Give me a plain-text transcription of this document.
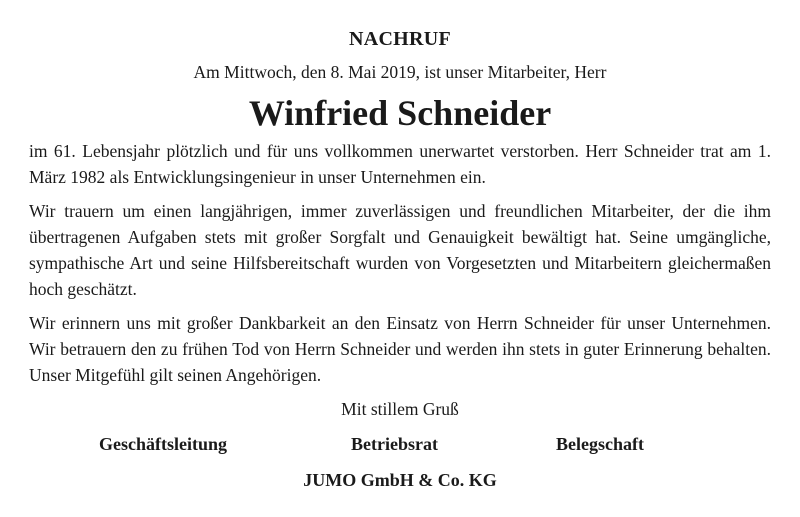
NACHRUF

Am Mittwoch, den 8. Mai 2019, ist unser Mitarbeiter, Herr

Winfried Schneider

im 61. Lebensjahr plötzlich und für uns vollkommen unerwartet verstorben. Herr Schneider trat am 1. März 1982 als Entwicklungsingenieur in unser Unternehmen ein.

Wir trauern um einen langjährigen, immer zuverlässigen und freundlichen Mitarbeiter, der die ihm übertragenen Aufgaben stets mit großer Sorgfalt und Genauigkeit bewältigt hat. Seine umgängliche, sympathische Art und seine Hilfsbereitschaft wurden von Vorgesetzten und Mitarbeitern gleichermaßen hoch geschätzt.

Wir erinnern uns mit großer Dankbarkeit an den Einsatz von Herrn Schneider für unser Unternehmen. Wir betrauern den zu frühen Tod von Herrn Schneider und werden ihn stets in guter Erinnerung behalten. Unser Mitgefühl gilt seinen Angehörigen.

Mit stillem Gruß

Geschäftsleitung	Betriebsrat	Belegschaft

JUMO GmbH & Co. KG
